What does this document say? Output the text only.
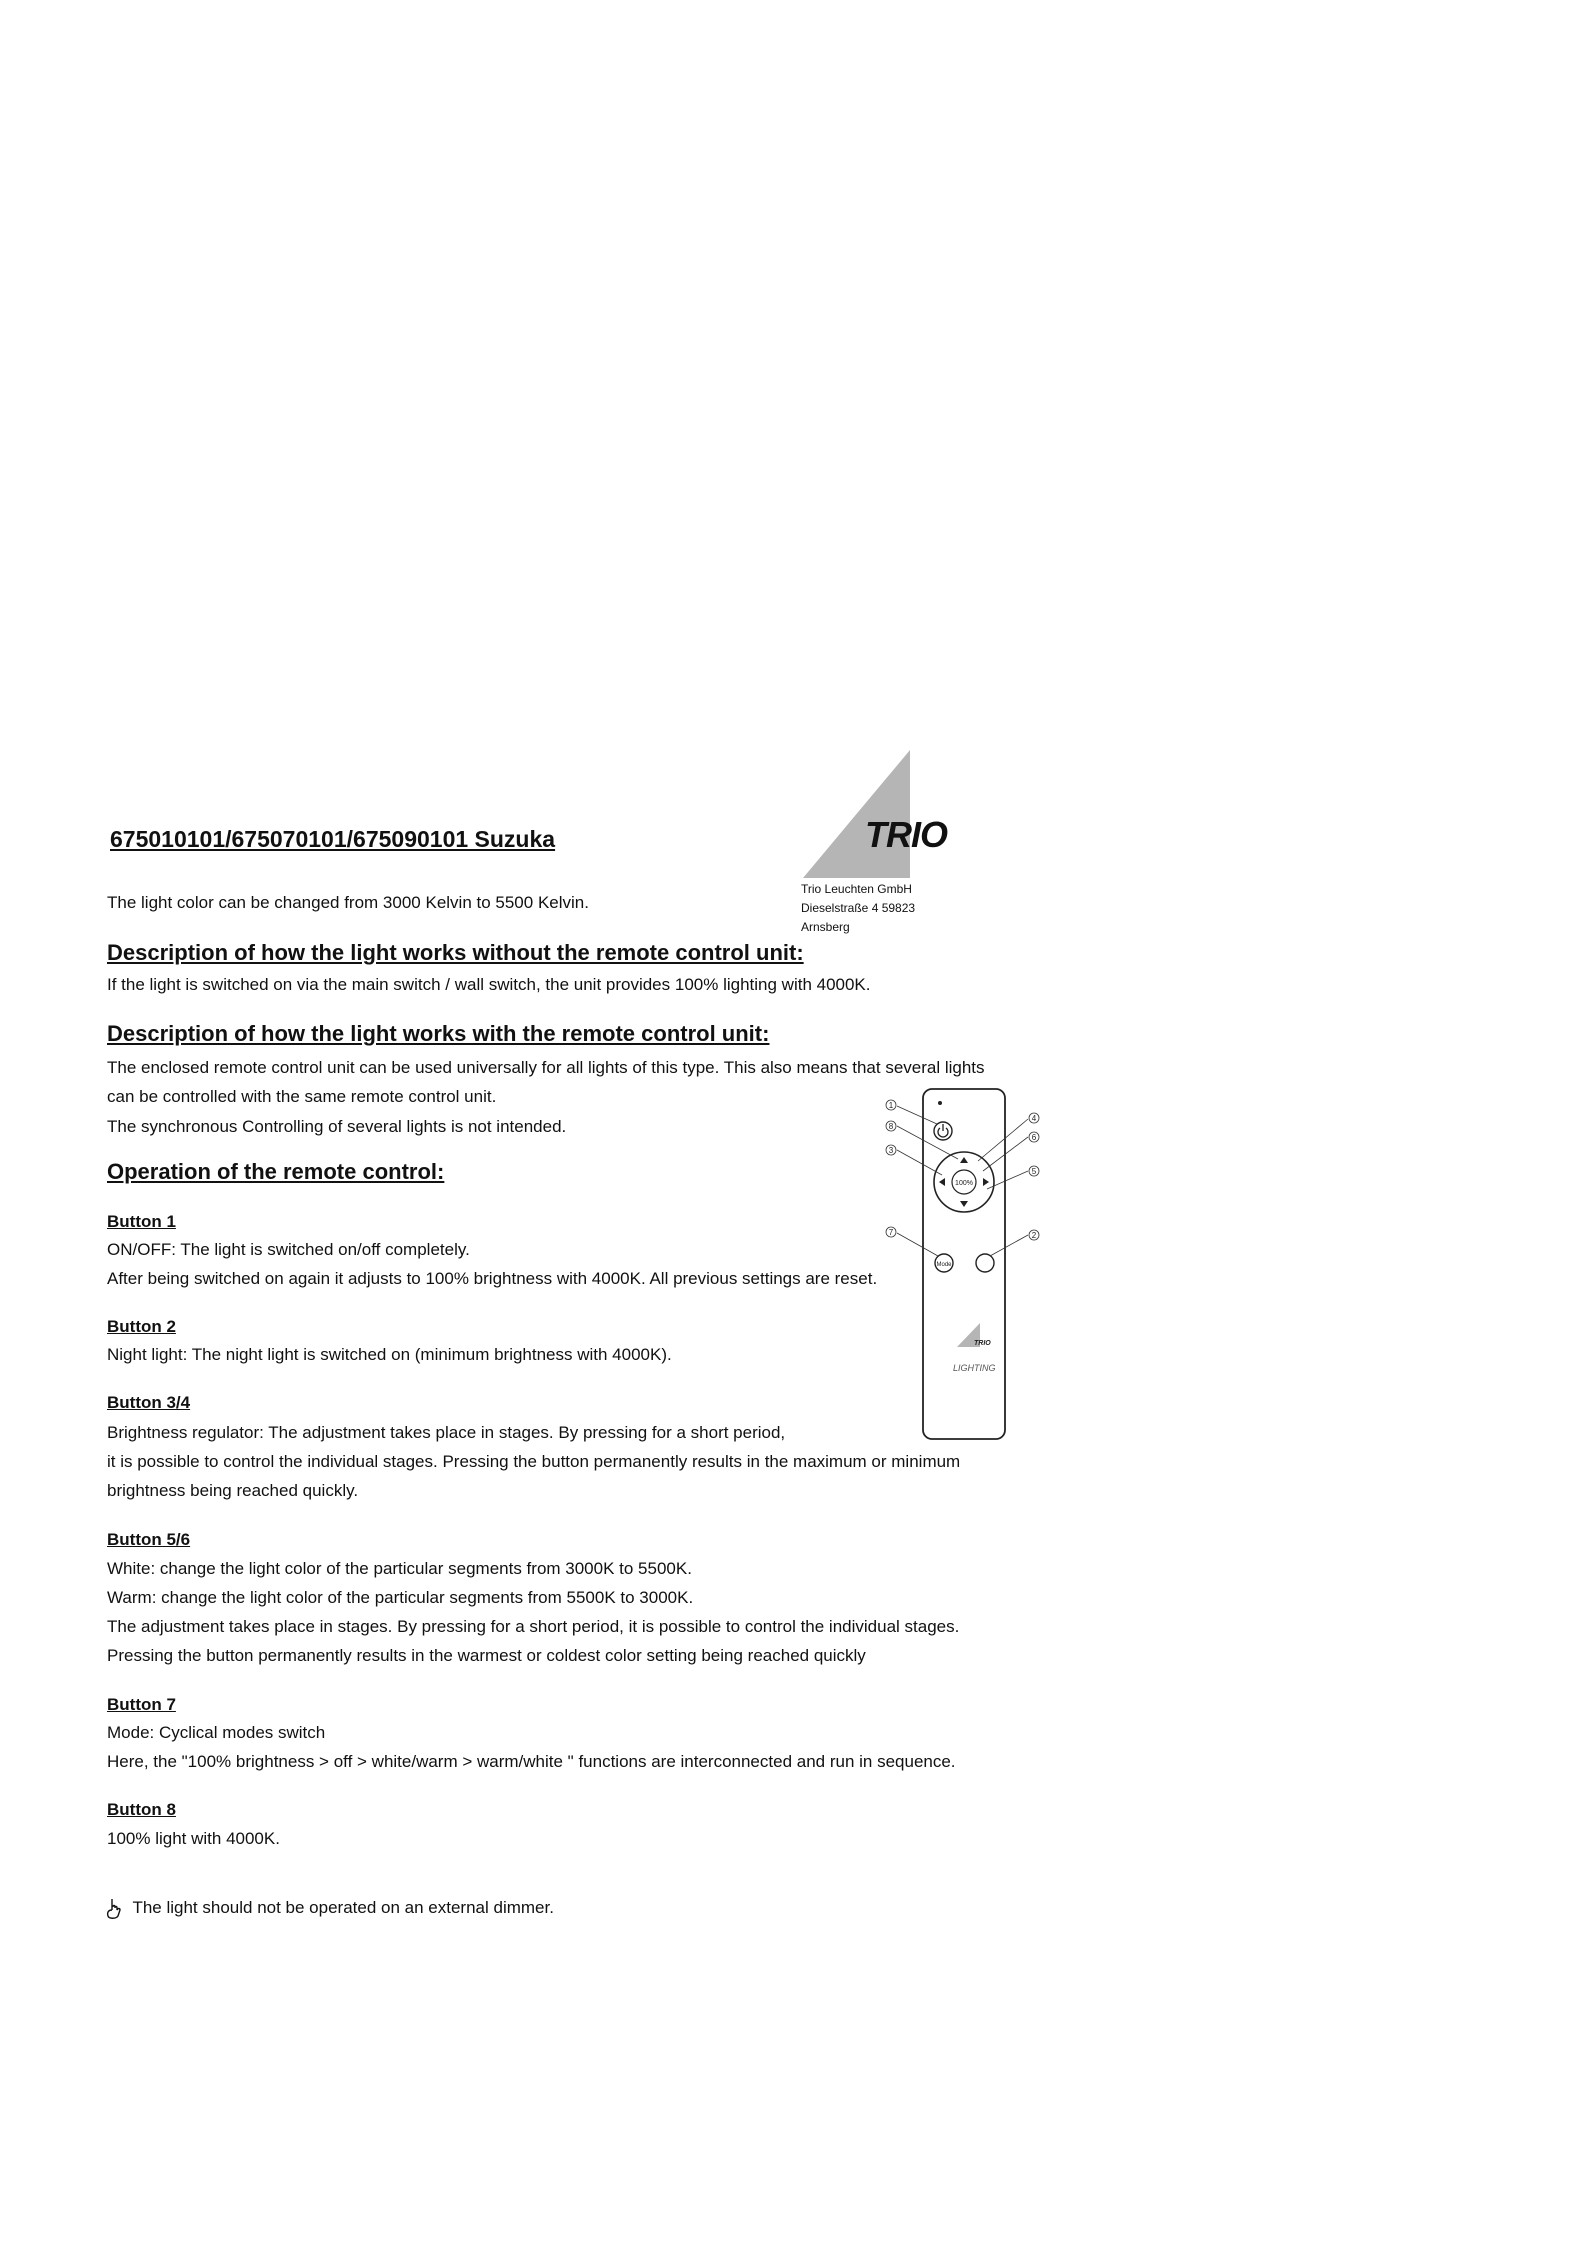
675010101/675070101/675090101 Suzuka
The light color can be changed from 3000 Kelvin to 5500 Kelvin.
TRIO
Trio Leuchten GmbH
Dieselstraße 4 59823
Arnsberg
Description of how the light works without the remote control unit:
If the light is switched on via the main switch / wall switch, the unit provides 100% lighting with 4000K.
Description of how the light works with the remote control unit:
The enclosed remote control unit can be used universally for all lights of this type. This also means that several lights
can be controlled with the same remote control unit.
The synchronous Controlling of several lights is not intended.
Operation of the remote control:
Button 1
ON/OFF: The light is switched on/off completely.
After being switched on again it adjusts to 100% brightness with 4000K. All previous settings are reset.
Button 2
Night light: The night light is switched on (minimum brightness with 4000K).
Button 3/4
Brightness regulator: The adjustment takes place in stages. By pressing for a short period,
it is possible to control the individual stages. Pressing the button permanently results in the maximum or minimum
brightness being reached quickly.
Button 5/6
White: change the light color of the particular segments from 3000K to 5500K.
Warm: change the light color of the particular segments from 5500K to 3000K.
The adjustment takes place in stages. By pressing for a short period, it is possible to control the individual stages.
Pressing the button permanently results in the warmest or coldest color setting being reached quickly
Button 7
Mode: Cyclical modes switch
Here, the "100% brightness > off > white/warm > warm/white " functions are interconnected and run in sequence.
Button 8
100% light with 4000K.
The light should not be operated on an external dimmer.
100%
Mode
TRIO
LIGHTING
1
8
3
7
4
6
5
2
